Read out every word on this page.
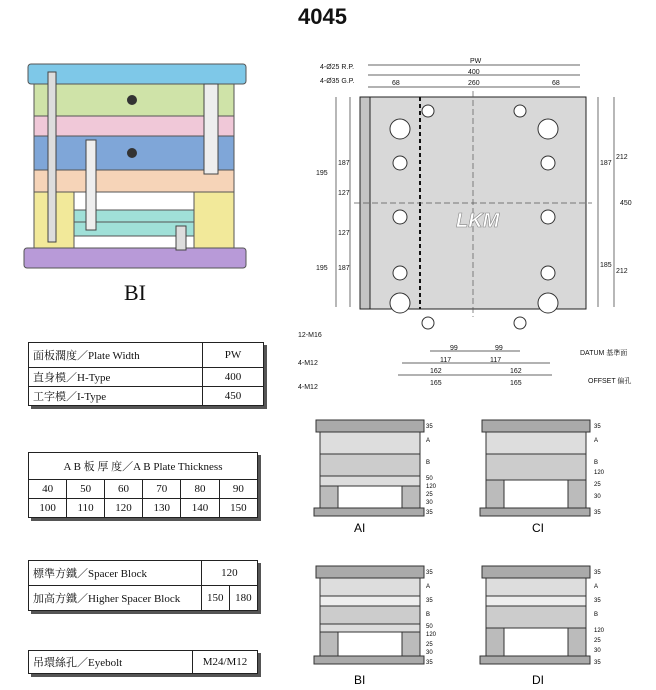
4045
BI
面板濶度／Plate Width	PW
直身模／H-Type	400
工字模／I-Type	450
A B 板 厚 度／A B Plate Thickness					
40	50	60	70	80	90
100	110	120	130	140	150
標準方鐵／Spacer Block	120	
加高方鐵／Higher Spacer Block	150	180
吊環絲孔／Eyebolt	M24/M12
LKM
4-Ø25 R.P.
4-Ø35 G.P.
PW
400
68	260	68
195
187
127
127
187
195
187
212
450
185
212
99	99
117	117
162	162
165	165
12-M16
4-M12
4-M12
DATUM 基準面
OFFSET 偏孔
AI
35
A
B
50
120
25
30
35
CI
35
A
B
120
25
30
35
BI
35
A
35
B
50
120
25
30
35
DI
35
A
35
B
120
25
30
35
